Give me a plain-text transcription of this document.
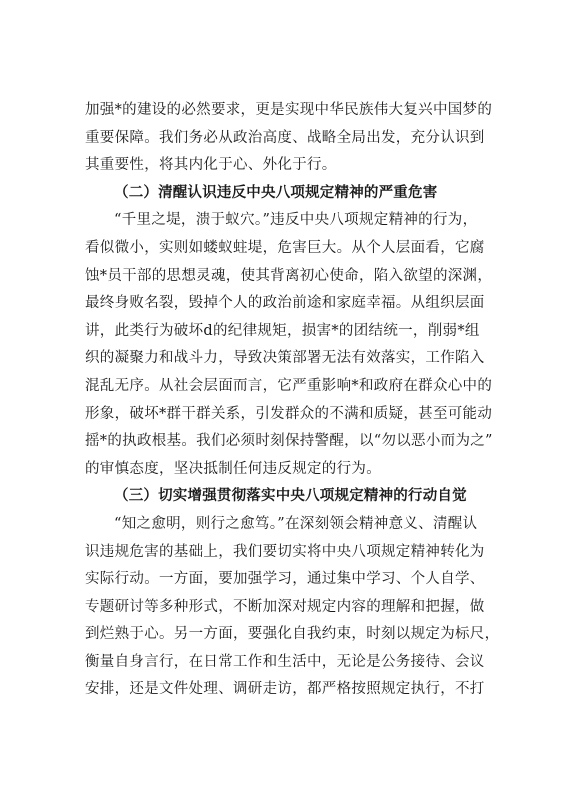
加强*的建设的必然要求，更是实现中华民族伟大复兴中国梦的
重要保障。我们务必从政治高度、战略全局出发，充分认识到
其重要性，将其内化于心、外化于行。
（二）清醒认识违反中央八项规定精神的严重危害
“千里之堤，溃于蚁穴。”违反中央八项规定精神的行为，
看似微小，实则如蝼蚁蛀堤，危害巨大。从个人层面看，它腐
蚀*员干部的思想灵魂，使其背离初心使命，陷入欲望的深渊，
最终身败名裂，毁掉个人的政治前途和家庭幸福。从组织层面
讲，此类行为破坏d的纪律规矩，损害*的团结统一，削弱*组
织的凝聚力和战斗力，导致决策部署无法有效落实，工作陷入
混乱无序。从社会层面而言，它严重影响*和政府在群众心中的
形象，破坏*群干群关系，引发群众的不满和质疑，甚至可能动
摇*的执政根基。我们必须时刻保持警醒，以“勿以恶小而为之”
的审慎态度，坚决抵制任何违反规定的行为。
（三）切实增强贯彻落实中央八项规定精神的行动自觉
“知之愈明，则行之愈笃。”在深刻领会精神意义、清醒认
识违规危害的基础上，我们要切实将中央八项规定精神转化为
实际行动。一方面，要加强学习，通过集中学习、个人自学、
专题研讨等多种形式，不断加深对规定内容的理解和把握，做
到烂熟于心。另一方面，要强化自我约束，时刻以规定为标尺，
衡量自身言行，在日常工作和生活中，无论是公务接待、会议
安排，还是文件处理、调研走访，都严格按照规定执行，不打
